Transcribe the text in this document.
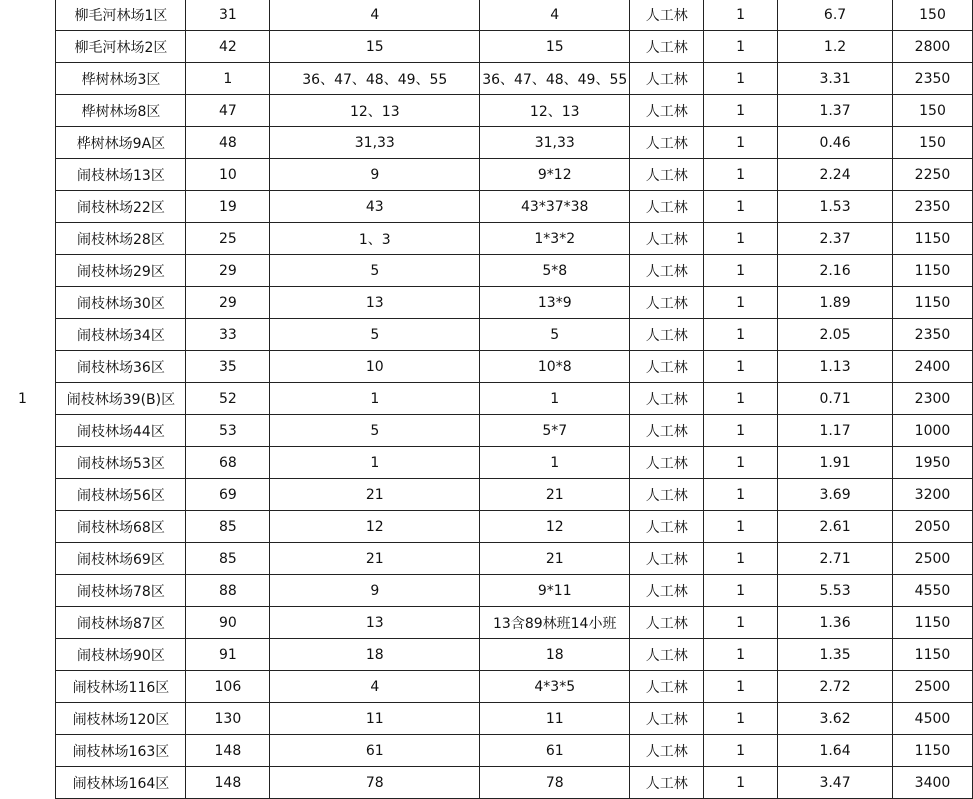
1	柳毛河林场1区	31	4	4	人工林	1	6.7	150
	柳毛河林场2区	42	15	15	人工林	1	1.2	2800
	桦树林场3区	1	36、47、48、49、55	36、47、48、49、55	人工林	1	3.31	2350
	桦树林场8区	47	12、13	12、13	人工林	1	1.37	150
	桦树林场9A区	48	31,33	31,33	人工林	1	0.46	150
	闹枝林场13区	10	9	9*12	人工林	1	2.24	2250
	闹枝林场22区	19	43	43*37*38	人工林	1	1.53	2350
	闹枝林场28区	25	1、3	1*3*2	人工林	1	2.37	1150
	闹枝林场29区	29	5	5*8	人工林	1	2.16	1150
	闹枝林场30区	29	13	13*9	人工林	1	1.89	1150
	闹枝林场34区	33	5	5	人工林	1	2.05	2350
	闹枝林场36区	35	10	10*8	人工林	1	1.13	2400
	闹枝林场39(B)区	52	1	1	人工林	1	0.71	2300
	闹枝林场44区	53	5	5*7	人工林	1	1.17	1000
	闹枝林场53区	68	1	1	人工林	1	1.91	1950
	闹枝林场56区	69	21	21	人工林	1	3.69	3200
	闹枝林场68区	85	12	12	人工林	1	2.61	2050
	闹枝林场69区	85	21	21	人工林	1	2.71	2500
	闹枝林场78区	88	9	9*11	人工林	1	5.53	4550
	闹枝林场87区	90	13	13含89林班14小班	人工林	1	1.36	1150
	闹枝林场90区	91	18	18	人工林	1	1.35	1150
	闹枝林场116区	106	4	4*3*5	人工林	1	2.72	2500
	闹枝林场120区	130	11	11	人工林	1	3.62	4500
	闹枝林场163区	148	61	61	人工林	1	1.64	1150
	闹枝林场164区	148	78	78	人工林	1	3.47	3400
